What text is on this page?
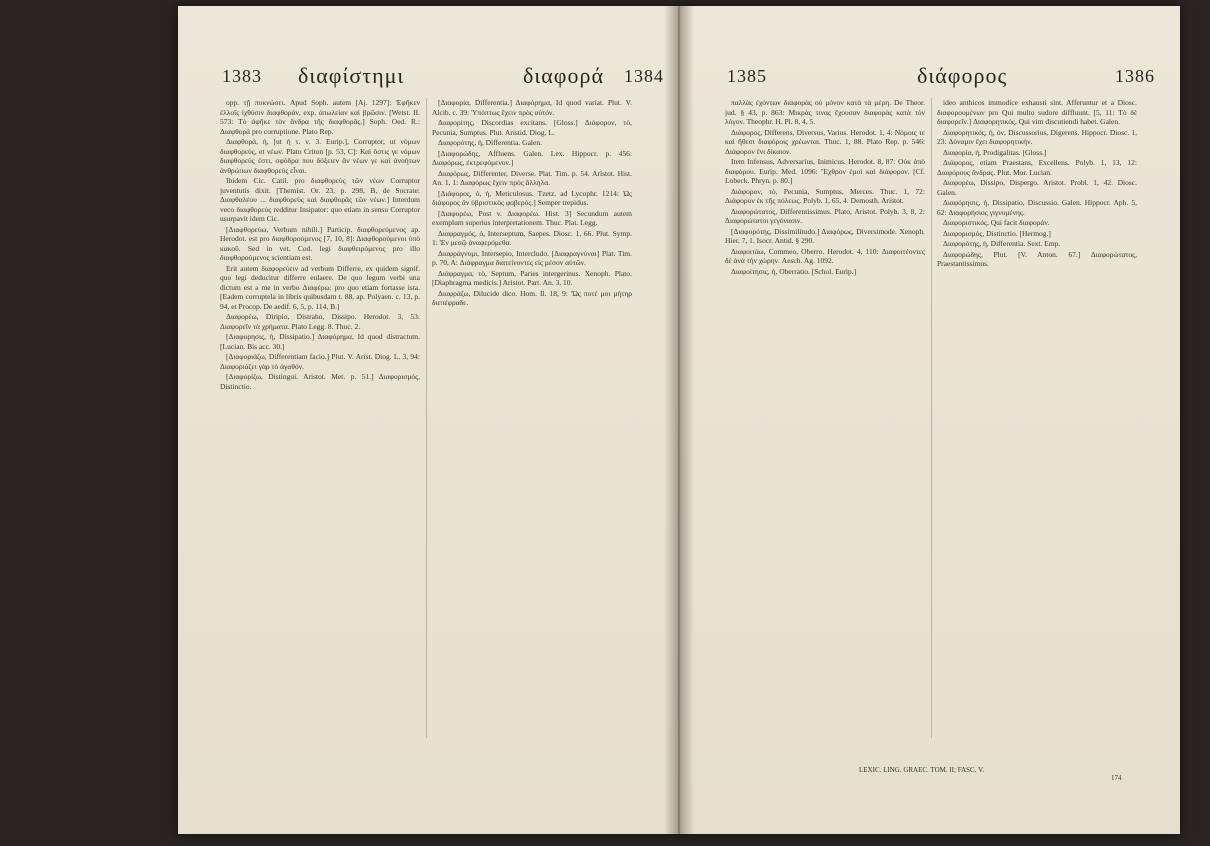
1383 διαφίστημι	διαφορά 1384

opp. τῇ πυκνώσει. Apud Soph. autem [Aj. 1297]: Ἐφῆκεν ἐλλοῖς ἰχθύσιν διαφθοράν, exp. ἀπωλείαν καὶ βρῶσιν. [Wetst. II. 573: Τὸ ἀφῆκε τὸν ἄνδρα τῆς διαφθορᾶς.] Soph. Oed. R.: Διαφθορά pro corruptione. Plato Rep.

Διαφθορά, ἡ, [ut ἡ τ. ν. 3. Eurip.], Corruptor, ut νόμων διαφθορεύς, et νέων. Plato Criton [p. 53, C]: Καὶ ὅστις γε νόμων διαφθορεύς ἐστι, σφόδρα που δόξειεν ἂν νέων γε καὶ ἀνοήτων ἀνθρώπων διαφθορεύς εἶναι.

Ibidem Cic. Catil. pro διαφθορεὺς τῶν νέων Corruptor juventutis dixit. [Themist. Or. 23, p. 298, B, de Socrate: Διαφθαλέου ... διαφθορεὺς καὶ διαφθορᾶς τῶν νέων.] Interdum veco διαφθορεὺς redditur Insipator: quo etiam in sensu Corruptor usurpavit idem Cic.

[Διαφθορεύω, Verbum nihili.] Particip. διαφθορεύμενος ap. Herodot. est pro διαφθορούμενος [7, 10, 8]: Διαφθορούμενοι ὑπὸ κακοῦ. Sed in vet. Cod. legi διαφθειρόμενος pro illo διαφθορούμενος scientiam est.

Erit autem διαφορεύειν ad verbum Differre, ex quidem signif. quo legi deducitur differre eulaere. De quo legum verbi una dictum est a me in verbo Διαφέρω: pro quo etiam fortasse ista. [Eadem corruptela in libris quibusdam t. 88, ap. Polyaen. c. 13, p. 94, et Procop. De aedif. 6, 5, p. 114, B.]

Διαφορέω, Diripio, Distraho, Dissipo. Herodot. 3, 53: Διαφορεῖν τὰ χρήματα. Plato Legg. 8. Thuc. 2.

[Διαφορησις, ἡ, Dissipatio.] Διαφόρημα, Id quod distractum. [Lucian. Bis acc. 30.]

[Διαφοριάζω, Differentiam facio.] Plut. V. Arist. Diog. L. 3, 94: Διαφοριάζει γὰρ τὸ ἀγαθόν.

[Διαφορίζω, Distingui. Aristot. Met. p. 51.] Διαφορισμός, Distinctio.

[Διαφορία, Differentia.] Διαφόρημα, Id quod variat. Plut. V. Alcib. c. 39: Ὑπόπτως ἔχειν πρὸς αὐτόν.

Διαφορίτης, Discordias excitans. [Gloss.] Διάφορον, τὸ, Pecunia, Sumptus. Plut. Aristid. Diog. L.

Διαφορότης, ἡ, Differentia. Galen.

[Διαφορώδης, Affluens. Galen. Lex. Hippocr. p. 456: Διαφόρως, ἐκτρεφόμενον.]

Διαφόρως, Differenter, Diverse. Plat. Tim. p. 54. Aristot. Hist. An. 1, 1: Διαφόρως ἔχειν πρὸς ἄλληλα.

[Διάφορος, ὁ, ἡ, Meticulosus. Tzetz. ad Lycophr. 1214: Ὡς διάφορος ἂν ὑβριστικὸς φοβερός.] Semper trepidus.

[Διαφορέω, Post v. Διαφορέω. Hist. 3] Secundum autem exemplum superius interpretationem. Thuc. Plat. Legg.

Διαφραγμός, ὁ, Interseptum, Saepes. Diosc. 1, 66. Plut. Symp. 1: Ἐν μεσῷ ἀναφερόμεθα.

Διαφράγνυμι, Intersepio, Intercludo. [Διαφραγνύναι] Plat. Tim. p. 70, A: Διάφραγμα διατείνοντες εἰς μέσον αὐτῶν.

Διάφραγμα, τὸ, Septum, Paries intergerinus. Xenoph. Plato. [Diaphragma medicis.] Aristot. Part. An. 3, 10.

Διαφράζω, Dilucide dico. Hom. Il. 18, 9: Ὥς ποτέ μοι μήτηρ διεπέφραδε.

1385	διάφορος	1386

παλλὰς ἐχόντων διαφορὰς οὐ μόνον κατὰ τὰ μέρη. De Theor. jud. § 43, p. 863: Μικρὰς τινας ἔχουσαν διαφορὰς κατὰ τὸν λόγον. Theophr. H. Pl. 8, 4, 5.

Διάφορος, Differens, Diversus, Varius. Herodot. 1, 4: Νόμοις τε καὶ ἤθεσι διαφόροις χρέωνται. Thuc. 1, 88. Plato Rep. p. 546: Διάφορον ἔνι δίκαιον.

Item Infensus, Adversarius, Inimicus. Herodot. 8, 87: Οὐκ ἀπὸ διαφόρου. Eurip. Med. 1096: Ἔχθρον ἐμοὶ καὶ διάφορον. [Cf. Lobeck. Phryn. p. 80.]

Διάφορον, τὸ, Pecunia, Sumptus, Merces. Thuc. 1, 72: Διάφορον ἐκ τῆς πόλεως. Polyb. 1, 65, 4. Demosth. Aristot.

Διαφορώτατος, Differentissimus. Plato, Aristot. Polyb. 3, 8, 2: Διαφορώτατοι γεγόνασιν.

[Διαφορότης, Dissimilitudo.] Διαφόρως, Diversimode. Xenoph. Hier. 7, 1. Isocr. Antid. § 290.

Διαφοιτάω, Commeo, Oberro. Herodot. 4, 110: Διαφοιτέοντες δὲ ἀνὰ τὴν χώρην. Aesch. Ag. 1092.

Διαφοίτησις, ἡ, Oberratio. [Schol. Eurip.]

ideo anthicos immodice exhausti sint. Afferuntur et a Diosc. διαφορουμένων pro Qui multo sudore diffluunt. [5, 11: Τὸ δὲ διαφορεῖν.] Διαφορητικός, Qui vim discutiendi habet. Galen.

Διαφορητικός, ἡ, όν, Discussorius, Digerens. Hippocr. Diosc. 1, 23: Δύναμιν ἔχει διαφορητικήν.

Διαφορία, ἡ, Prodigalitas. [Gloss.]

Διάφορος, etiam Praestans, Excellens. Polyb. 1, 13, 12: Διαφόρους ἄνδρας. Plut. Mor. Lucian.

Διαφορέω, Dissipo, Dispergo. Aristot. Probl. 1, 42. Diosc. Galen.

Διαφόρησις, ἡ, Dissipatio, Discussio. Galen. Hippocr. Aph. 5, 62: Διαφορήσιος γιγνομένης.

Διαφοριστικός, Qui facit διαφοράν.

Διαφορισμός, Distinctio. [Hermog.]

Διαφορότης, ἡ, Differentia. Sext. Emp.

Διαφορώδης, Plut. [V. Anton. 67.] Διαφορώτατος, Praestantissimus.

LEXIC. LING. GRAEC. TOM. II; FASC. V.
174
